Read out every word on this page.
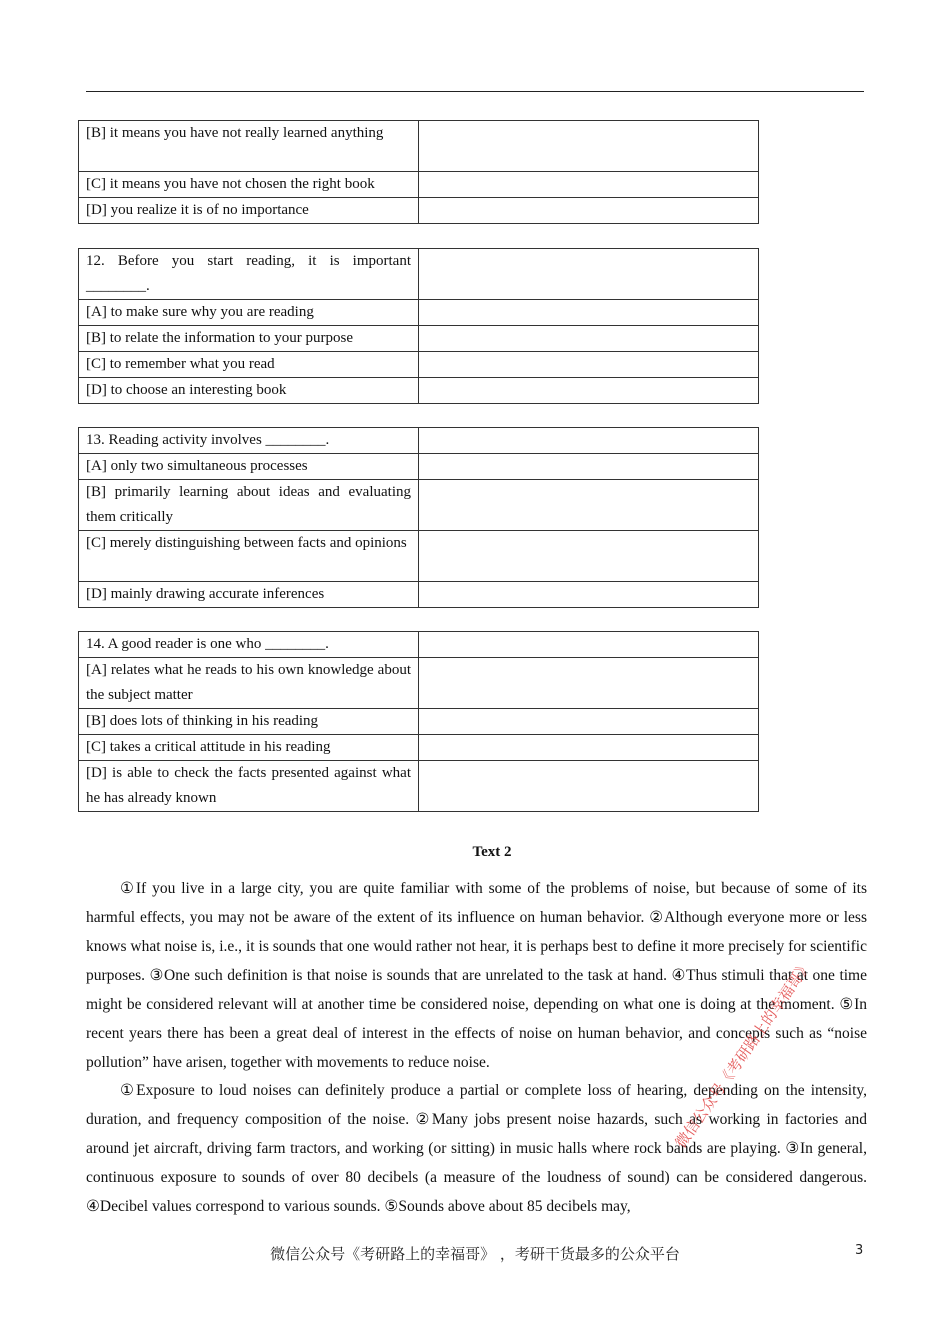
[B] it means you have not really learned anything	
[C] it means you have not chosen the right book	
[D] you realize it is of no importance	
12. Before you start reading, it is important ________.	
[A] to make sure why you are reading	
[B] to relate the information to your purpose	
[C] to remember what you read	
[D] to choose an interesting book	
13. Reading activity involves ________.	
[A] only two simultaneous processes	
[B] primarily learning about ideas and evaluating them critically	
[C] merely distinguishing between facts and opinions	
[D] mainly drawing accurate inferences	
14. A good reader is one who ________.	
[A] relates what he reads to his own knowledge about the subject matter	
[B] does lots of thinking in his reading	
[C] takes a critical attitude in his reading	
[D] is able to check the facts presented against what he has already known	
Text 2

①If you live in a large city, you are quite familiar with some of the problems of noise, but because of some of its harmful effects, you may not be aware of the extent of its influence on human behavior. ②Although everyone more or less knows what noise is, i.e., it is sounds that one would rather not hear, it is perhaps best to define it more precisely for scientific purposes. ③One such definition is that noise is sounds that are unrelated to the task at hand. ④Thus stimuli that at one time might be considered relevant will at another time be considered noise, depending on what one is doing at the moment. ⑤In recent years there has been a great deal of interest in the effects of noise on human behavior, and concepts such as “noise pollution” have arisen, together with movements to reduce noise.

①Exposure to loud noises can definitely produce a partial or complete loss of hearing, depending on the intensity, duration, and frequency composition of the noise. ②Many jobs present noise hazards, such as working in factories and around jet aircraft, driving farm tractors, and working (or sitting) in music halls where rock bands are playing. ③In general, continuous exposure to sounds of over 80 decibels (a measure of the loudness of sound) can be considered dangerous. ④Decibel values correspond to various sounds. ⑤Sounds above about 85 decibels may,

微信公众号《考研路上的幸福哥》
微信公众号《考研路上的幸福哥》 ，考研干货最多的公众平台	3
